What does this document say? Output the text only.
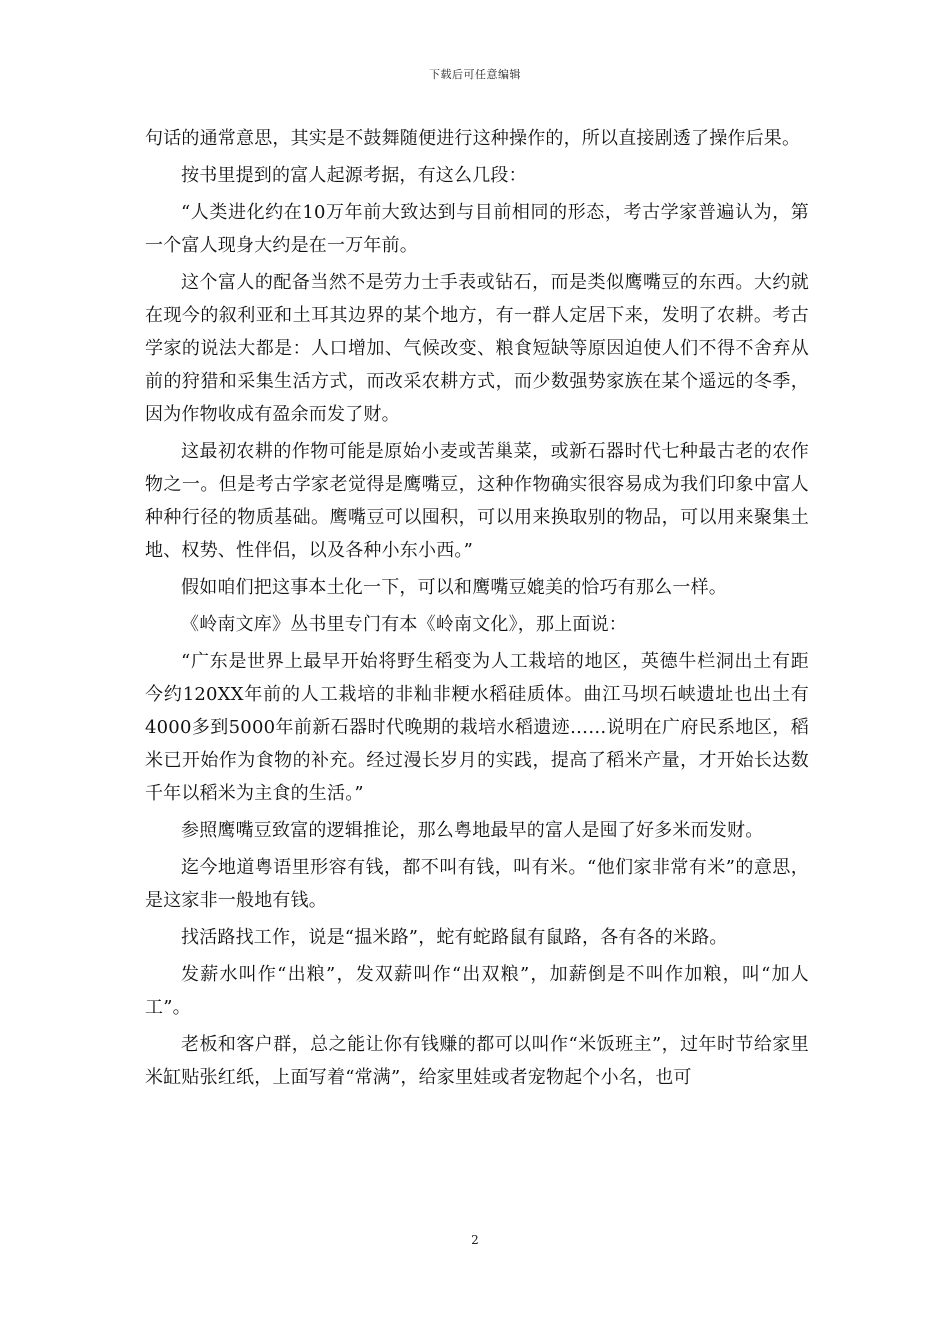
下载后可任意编辑

句话的通常意思，其实是不鼓舞随便进行这种操作的，所以直接剧透了操作后果。

按书里提到的富人起源考据，有这么几段：

“人类进化约在10万年前大致达到与目前相同的形态，考古学家普遍认为，第一个富人现身大约是在一万年前。

这个富人的配备当然不是劳力士手表或钻石，而是类似鹰嘴豆的东西。大约就在现今的叙利亚和土耳其边界的某个地方，有一群人定居下来，发明了农耕。考古学家的说法大都是：人口增加、气候改变、粮食短缺等原因迫使人们不得不舍弃从前的狩猎和采集生活方式，而改采农耕方式，而少数强势家族在某个遥远的冬季，因为作物收成有盈余而发了财。

这最初农耕的作物可能是原始小麦或苦巢菜，或新石器时代七种最古老的农作物之一。但是考古学家老觉得是鹰嘴豆，这种作物确实很容易成为我们印象中富人种种行径的物质基础。鹰嘴豆可以囤积，可以用来换取别的物品，可以用来聚集土地、权势、性伴侣，以及各种小东小西。”

假如咱们把这事本土化一下，可以和鹰嘴豆媲美的恰巧有那么一样。

《岭南文库》丛书里专门有本《岭南文化》，那上面说：

“广东是世界上最早开始将野生稻变为人工栽培的地区，英德牛栏洞出土有距今约120XX年前的人工栽培的非籼非粳水稻硅质体。曲江马坝石峡遗址也出土有4000多到5000年前新石器时代晚期的栽培水稻遗迹……说明在广府民系地区，稻米已开始作为食物的补充。经过漫长岁月的实践，提高了稻米产量，才开始长达数千年以稻米为主食的生活。”

参照鹰嘴豆致富的逻辑推论，那么粤地最早的富人是囤了好多米而发财。

迄今地道粤语里形容有钱，都不叫有钱，叫有米。“他们家非常有米”的意思，是这家非一般地有钱。

找活路找工作，说是“揾米路”，蛇有蛇路鼠有鼠路，各有各的米路。

发薪水叫作“出粮”，发双薪叫作“出双粮”，加薪倒是不叫作加粮，叫“加人工”。

老板和客户群，总之能让你有钱赚的都可以叫作“米饭班主”，过年时节给家里米缸贴张红纸，上面写着“常满”，给家里娃或者宠物起个小名，也可

2
